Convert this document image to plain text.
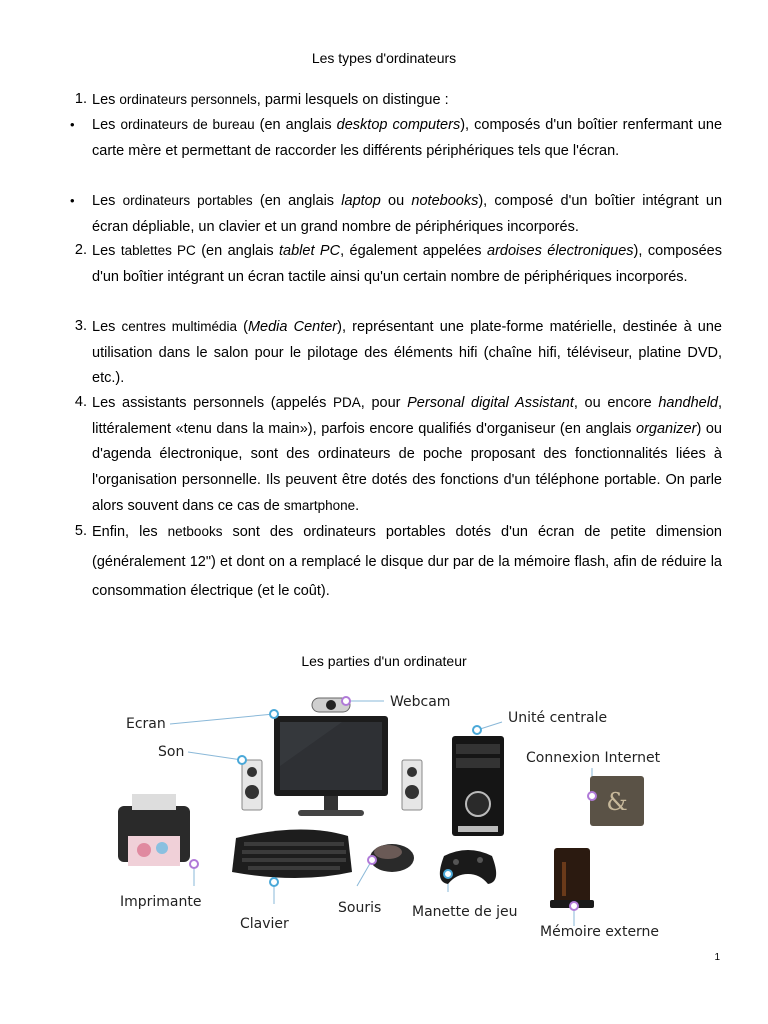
Les types d'ordinateurs
1. Les ordinateurs personnels, parmi lesquels on distingue :

• Les ordinateurs de bureau (en anglais desktop computers), composés d'un boîtier renfermant une carte mère et permettant de raccorder les différents périphériques tels que l'écran.

• Les ordinateurs portables (en anglais laptop ou notebooks), composé d'un boîtier intégrant un écran dépliable, un clavier et un grand nombre de périphériques incorporés.

2. Les tablettes PC (en anglais tablet PC, également appelées ardoises électroniques), composées d'un boîtier intégrant un écran tactile ainsi qu'un certain nombre de périphériques incorporés.

3. Les centres multimédia (Media Center), représentant une plate-forme matérielle, destinée à une utilisation dans le salon pour le pilotage des éléments hifi (chaîne hifi, téléviseur, platine DVD, etc.).

4. Les assistants personnels (appelés PDA, pour Personal digital Assistant, ou encore handheld, littéralement «tenu dans la main»), parfois encore qualifiés d'organiseur (en anglais organizer) ou d'agenda électronique, sont des ordinateurs de poche proposant des fonctionnalités liées à l'organisation personnelle. Ils peuvent être dotés des fonctions d'un téléphone portable. On parle alors souvent dans ce cas de smartphone.

5. Enfin, les netbooks sont des ordinateurs portables dotés d'un écran de petite dimension (généralement 12") et dont on a remplacé le disque dur par de la mémoire flash, afin de réduire la consommation électrique (et le coût).

Les parties d'un ordinateur
&
Ecran
Son
Webcam
Unité centrale
Connexion Internet
Imprimante
Clavier
Souris Manette de jeu
Mémoire externe
1
